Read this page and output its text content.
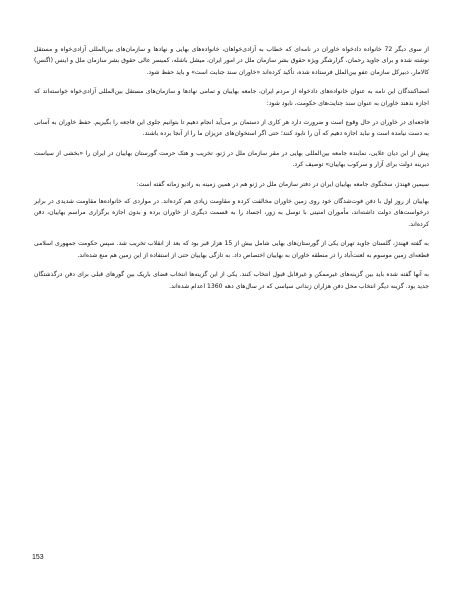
از سوی دیگر 72 خانواده دادخواه خاوران در نامه‌ای که خطاب به آزادی‌خواهان، خانواده‌های بهایی و نهادها و سازمان‌های بین‌المللی آزادی‌خواه و مستقل نوشته شده و برای جاوید رحمان، گزارشگر ویژه حقوق بشر سازمان ملل در امور ایران، میشل باشله، کمیسر عالی حقوق بشر سازمان ملل و اینس (اگنس) کالامار، دبیرکل سازمان عفو بین‌الملل فرستاده شده، تأکید کرده‌اند «خاوران سند جنایت است» و باید حفظ شود.

امضاکنندگان این نامه به عنوان خانواده‌های دادخواه از مردم ایران، جامعه بهاییان و تمامی نهادها و سازمان‌های مستقل بین‌المللی آزادی‌خواه خواسته‌اند که اجازه ندهند خاوران به عنوان سند جنایت‌های حکومت، نابود شود:

فاجعه‌ای در خاوران در حال وقوع است و ضرورت دارد هر کاری از دستمان بر می‌آید انجام دهیم تا بتوانیم جلوی این فاجعه را بگیریم. حفظ خاوران به آسانی به دست نیامده است و نباید اجازه دهیم که آن را نابود کنند؛ حتی اگر استخوان‌های عزیزان ما را از آنجا برده باشند.

پیش از این دیان علایی، نماینده جامعه بین‌المللی بهایی در مقر سازمان ملل در ژنو، تخریب و هتک حرمت گورستان بهاییان در ایران را «بخشی از سیاست دیرینه دولت برای آزار و سرکوب بهاییان» توصیف کرد.

سیمین فهندژ، سخنگوی جامعه بهاییان ایران در دفتر سازمان ملل در ژنو هم در همین زمینه به رادیو زمانه گفته است:

بهاییان از روز اول با دفن فوت‌شدگان خود روی زمین خاوران مخالفت کرده و مقاومت زیادی هم کرده‌اند. در مواردی که خانواده‌ها مقاومت شدیدی در برابر درخواست‌های دولت داشته‌اند، مأموران امنیتی با توسل به زور، اجساد را به قسمت دیگری از خاوران برده و بدون اجازه برگزاری مراسم بهاییان، دفن کرده‌اند.

به گفته فهندژ، گلستان جاوید تهران یکی از گورستان‌های بهایی شامل بیش از 15 هزار قبر بود که بعد از انقلاب تخریب شد. سپس حکومت جمهوری اسلامی قطعه‌ای زمین موسوم به لعنت‌آباد را در منطقه خاوران به بهاییان اختصاص داد. به تازگی بهاییان حتی از استفاده از این زمین هم منع شده‌اند.

به آنها گفته شده باید بین گزینه‌های غیرممکن و غیرقابل قبول انتخاب کنند. یکی از این گزینه‌ها انتخاب فضای باریک بین گورهای قبلی برای دفن درگذشتگان جدید بود. گزینه دیگر انتخاب محل دفن هزاران زندانی سیاسی که در سال‌های دهه 1360 اعدام شده‌اند.

153
